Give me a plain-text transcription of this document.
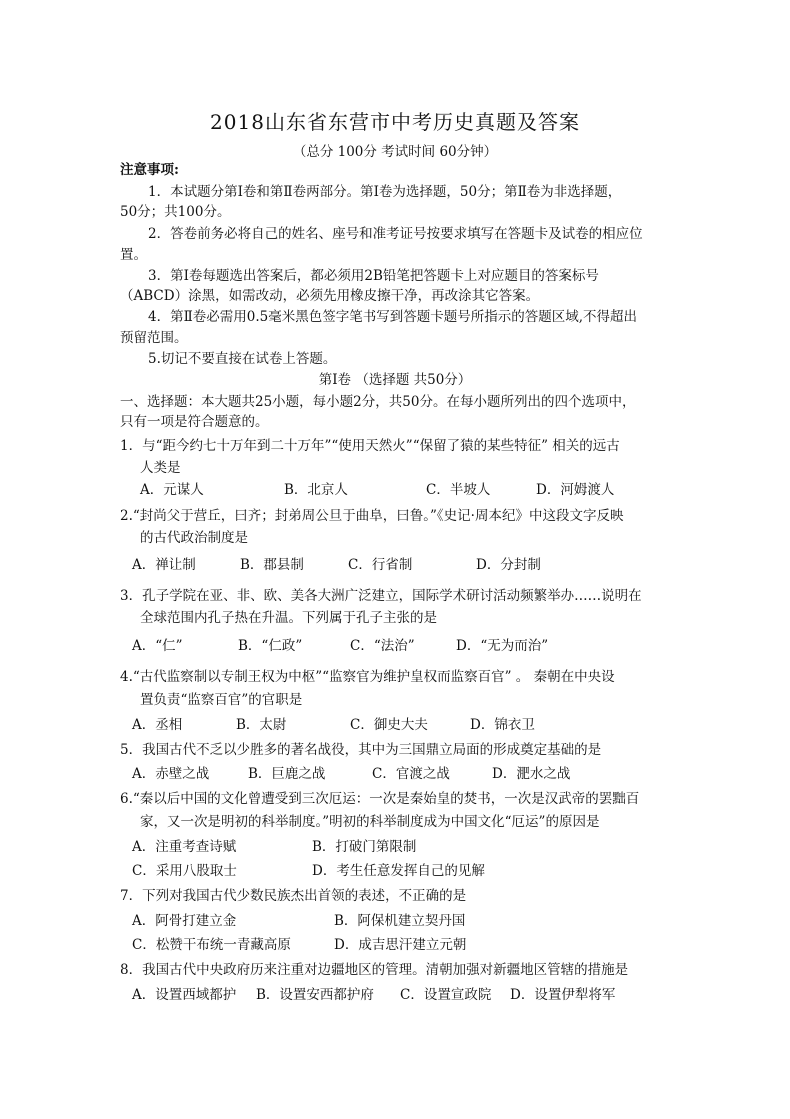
2018山东省东营市中考历史真题及答案
（总分 100分 考试时间 60分钟）
注意事项:
1．本试题分第Ⅰ卷和第Ⅱ卷两部分。第Ⅰ卷为选择题，50分；第Ⅱ卷为非选择题，
50分；共100分。
2．答卷前务必将自己的姓名、座号和准考证号按要求填写在答题卡及试卷的相应位
置。
3．第Ⅰ卷每题选出答案后，都必须用2B铅笔把答题卡上对应题目的答案标号
（ABCD）涂黑，如需改动，必须先用橡皮擦干净，再改涂其它答案。
4．第Ⅱ卷必需用0.5毫米黑色签字笔书写到答题卡题号所指示的答题区域,不得超出
预留范围。
5.切记不要直接在试卷上答题。
第Ⅰ卷 （选择题 共50分）
一、选择题：本大题共25小题，每小题2分，共50分。在每小题所列出的四个选项中，
只有一项是符合题意的。
1．与“距今约七十万年到二十万年”“使用天然火”“保留了猿的某些特征” 相关的远古
人类是
A．元谋人	B．北京人	C．半坡人	D．河姆渡人
2.“封尚父于营丘，曰齐；封弟周公旦于曲阜，曰鲁。”《史记·周本纪》中这段文字反映
的古代政治制度是
A．禅让制	B．郡县制	C．行省制	D．分封制
3．孔子学院在亚、非、欧、美各大洲广泛建立，国际学术研讨活动频繁举办……说明在
全球范围内孔子热在升温。下列属于孔子主张的是
A．“仁”	B．“仁政”	C．“法治”	D．“无为而治”
4.“古代监察制以专制王权为中枢”“监察官为维护皇权而监察百官” 。 秦朝在中央设
置负责“监察百官”的官职是
A．丞相	B．太尉	C．御史大夫	D．锦衣卫
5．我国古代不乏以少胜多的著名战役，其中为三国鼎立局面的形成奠定基础的是
A．赤壁之战	B．巨鹿之战	C．官渡之战	D．淝水之战
6.“秦以后中国的文化曾遭受到三次厄运：一次是秦始皇的焚书，一次是汉武帝的罢黜百
家，又一次是明初的科举制度。”明初的科举制度成为中国文化“厄运”的原因是
A．注重考查诗赋	B．打破门第限制
C．采用八股取士	D．考生任意发挥自己的见解
7．下列对我国古代少数民族杰出首领的表述，不正确的是
A．阿骨打建立金	B．阿保机建立契丹国
C．松赞干布统一青藏高原	D．成吉思汗建立元朝
8．我国古代中央政府历来注重对边疆地区的管理。清朝加强对新疆地区管辖的措施是
A．设置西域都护 B．设置安西都护府 C．设置宣政院 D．设置伊犁将军
